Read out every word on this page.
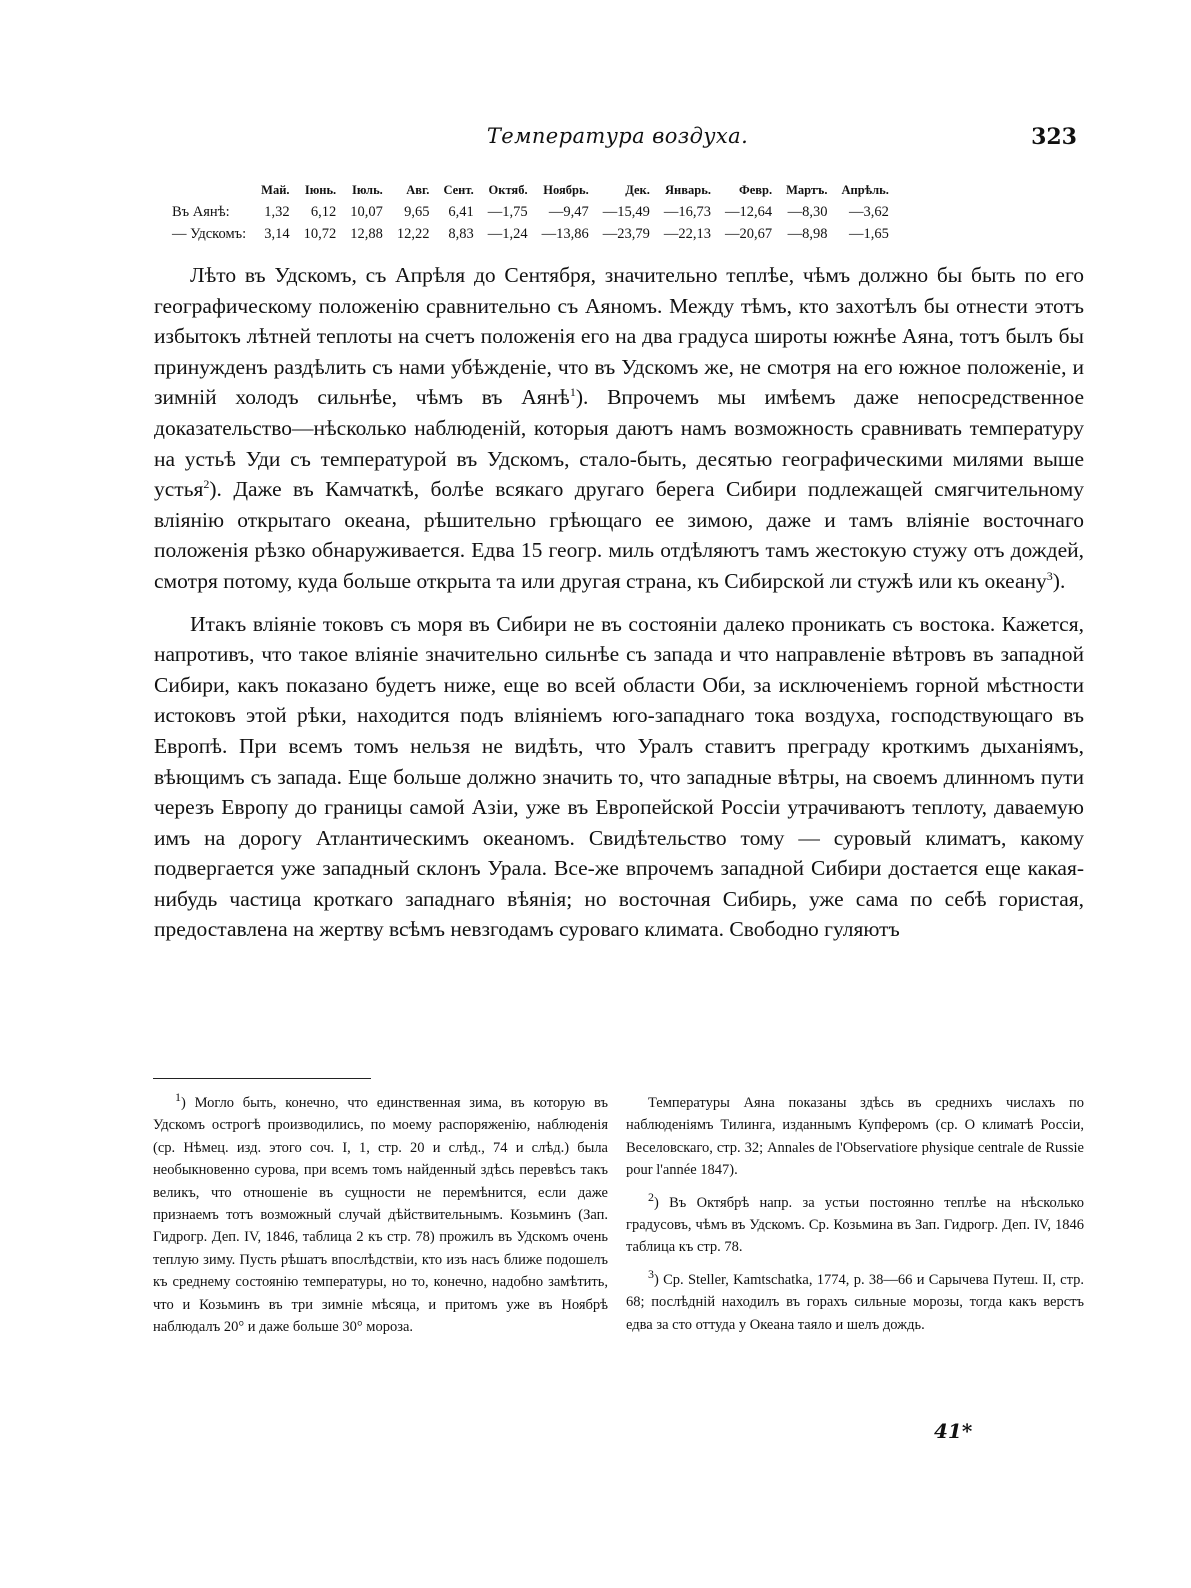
Температура воздуха.	323
	Май.	Iюнь.	Iюль.	Авг.	Сент.	Октяб.	Ноябрь.	Дек.	Январь.	Февр.	Мартъ.	Апрѣль.
Въ Аянѣ:	1,32	6,12	10,07	9,65	6,41	—1,75	—9,47	—15,49	—16,73	—12,64	—8,30	—3,62
— Удскомъ:	3,14	10,72	12,88	12,22	8,83	—1,24	—13,86	—23,79	—22,13	—20,67	—8,98	—1,65

Лѣто въ Удскомъ, съ Апрѣля до Сентября, значительно теплѣе, чѣмъ должно бы быть по его географическому положенію сравнительно съ Аяномъ. Между тѣмъ, кто захотѣлъ бы отнести этотъ избытокъ лѣтней теплоты на счетъ положенія его на два градуса широты южнѣе Аяна, тотъ былъ бы принужденъ раздѣлить съ нами убѣжденіе, что въ Удскомъ же, не смотря на его южное положеніе, и зимній холодъ сильнѣе, чѣмъ въ Аянѣ$^1$). Впрочемъ мы имѣемъ даже непосредственное доказательство—нѣсколько наблюденій, которыя даютъ намъ возможность сравнивать температуру на устьѣ Уди съ температурой въ Удскомъ, стало-быть, десятью географическими милями выше устья$^2$). Даже въ Камчаткѣ, болѣе всякаго другаго берега Сибири подлежащей смягчительному вліянію открытаго океана, рѣшительно грѣющаго ее зимою, даже и тамъ вліяніе восточнаго положенія рѣзко обнаруживается. Едва 15 геогр. миль отдѣляютъ тамъ жестокую стужу отъ дождей, смотря потому, куда больше открыта та или другая страна, къ Сибирской ли стужѣ или къ океану$^3$).

Итакъ вліяніе токовъ съ моря въ Сибири не въ состояніи далеко проникать съ востока. Кажется, напротивъ, что такое вліяніе значительно сильнѣе съ запада и что направленіе вѣтровъ въ западной Сибири, какъ показано будетъ ниже, еще во всей области Оби, за исключеніемъ горной мѣстности истоковъ этой рѣки, находится подъ вліяніемъ юго-западнаго тока воздуха, господствующаго въ Европѣ. При всемъ томъ нельзя не видѣть, что Уралъ ставитъ преграду кроткимъ дыханіямъ, вѣющимъ съ запада. Еще больше должно значить то, что западные вѣтры, на своемъ длинномъ пути черезъ Европу до границы самой Азіи, уже въ Европейской Россіи утрачиваютъ теплоту, даваемую имъ на дорогу Атлантическимъ океаномъ. Свидѣтельство тому — суровый климатъ, какому подвергается уже западный склонъ Урала. Все-же впрочемъ западной Сибири достается еще какая-нибудь частица кроткаго западнаго вѣянія; но восточная Сибирь, уже сама по себѣ гористая, предоставлена на жертву всѣмъ невзгодамъ суроваго климата. Свободно гуляютъ

$^1$) Могло быть, конечно, что единственная зима, въ которую въ Удскомъ острогѣ производились, по моему распоряженію, наблюденія (ср. Нѣмец. изд. этого соч. I, 1, стр. 20 и слѣд., 74 и слѣд.) была необыкновенно сурова, при всемъ томъ найденный здѣсь перевѣсъ такъ великъ, что отношеніе въ сущности не перемѣнится, если даже признаемъ тотъ возможный случай дѣйствительнымъ. Козьминъ (Зап. Гидрогр. Деп. IV, 1846, таблица 2 къ стр. 78) прожилъ въ Удскомъ очень теплую зиму. Пусть рѣшатъ впослѣдствіи, кто изъ насъ ближе подошелъ къ среднему состоянію температуры, но то, конечно, надобно замѣтить, что и Козьминъ въ три зимніе мѣсяца, и притомъ уже въ Ноябрѣ наблюдалъ 20° и даже больше 30° мороза.

Температуры Аяна показаны здѣсь въ среднихъ числахъ по наблюденіямъ Тилинга, изданнымъ Купферомъ (ср. О климатѣ Россіи, Веселовскаго, стр. 32; Annales de l'Observatiore physique centrale de Russie pour l'année 1847).

$^2$) Въ Октябрѣ напр. за устьи постоянно теплѣе на нѣсколько градусовъ, чѣмъ въ Удскомъ. Ср. Козьмина въ Зап. Гидрогр. Деп. IV, 1846 таблица къ стр. 78.

$^3$) Ср. Steller, Kamtschatka, 1774, p. 38—66 и Сарычева Путеш. II, стр. 68; послѣдній находилъ въ горахъ сильные морозы, тогда какъ верстъ едва за сто оттуда у Океана таяло и шелъ дождь.

41*
